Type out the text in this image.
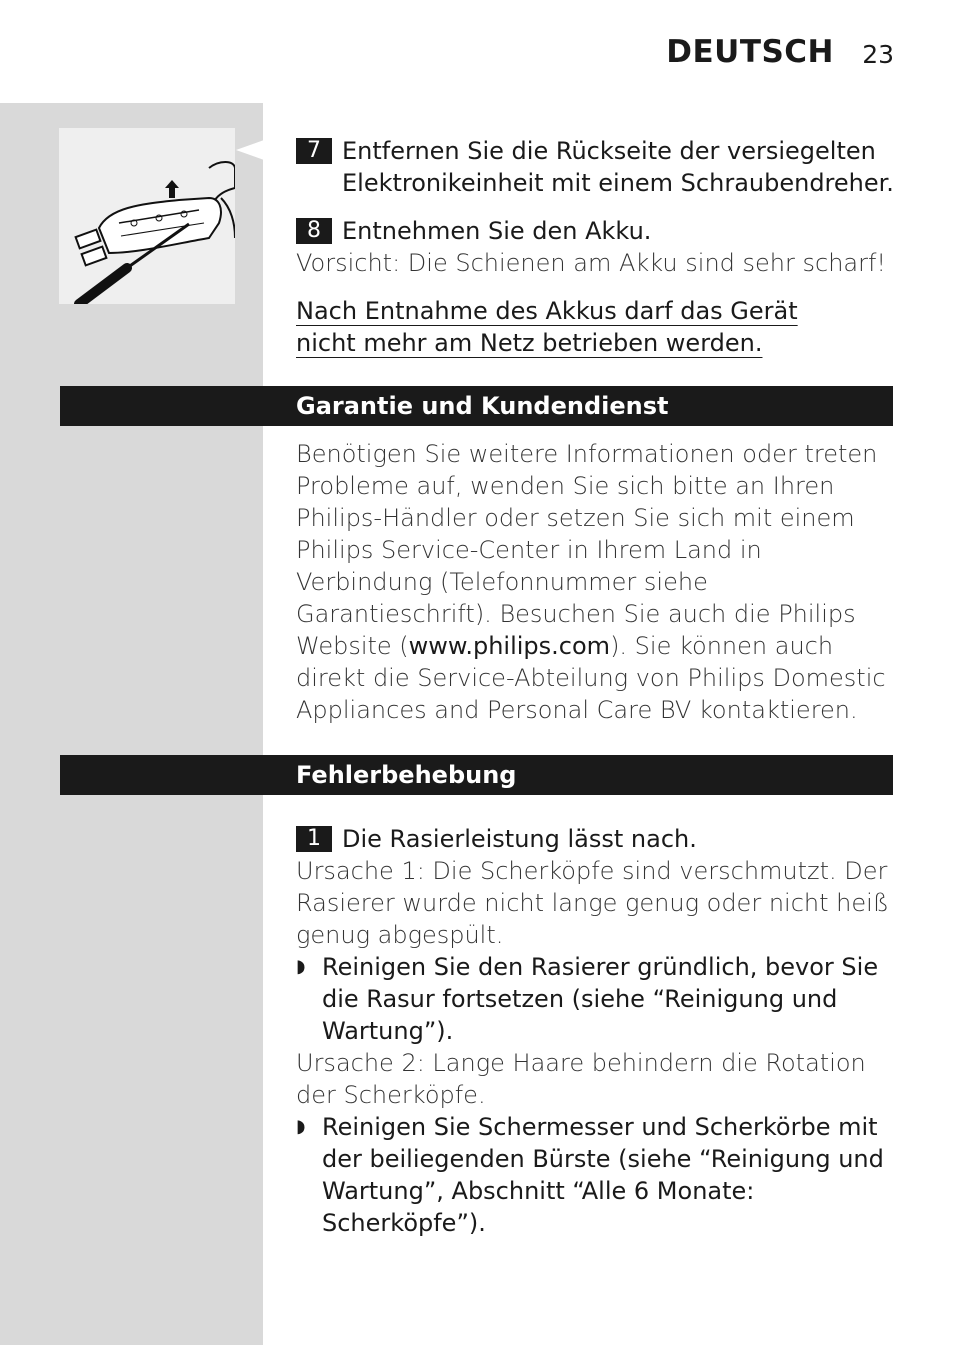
DEUTSCH 23
7 Entfernen Sie die Rückseite der versiegelten Elektronikeinheit mit einem Schraubendreher.
8 Entnehmen Sie den Akku.
Vorsicht: Die Schienen am Akku sind sehr scharf!
Nach Entnahme des Akkus darf das Gerät nicht mehr am Netz betrieben werden.
Garantie und Kundendienst
Benötigen Sie weitere Informationen oder treten Probleme auf, wenden Sie sich bitte an Ihren Philips-Händler oder setzen Sie sich mit einem Philips Service-Center in Ihrem Land in Verbindung (Telefonnummer siehe Garantieschrift). Besuchen Sie auch die Philips Website (www.philips.com). Sie können auch direkt die Service-Abteilung von Philips Domestic Appliances and Personal Care BV kontaktieren.
Fehlerbehebung
1 Die Rasierleistung lässt nach.
Ursache 1: Die Scherköpfe sind verschmutzt. Der Rasierer wurde nicht lange genug oder nicht heiß genug abgespült.
◗ Reinigen Sie den Rasierer gründlich, bevor Sie die Rasur fortsetzen (siehe “Reinigung und Wartung”).
Ursache 2: Lange Haare behindern die Rotation der Scherköpfe.
◗ Reinigen Sie Schermesser und Scherkörbe mit der beiliegenden Bürste (siehe “Reinigung und Wartung”, Abschnitt “Alle 6 Monate: Scherköpfe”).
